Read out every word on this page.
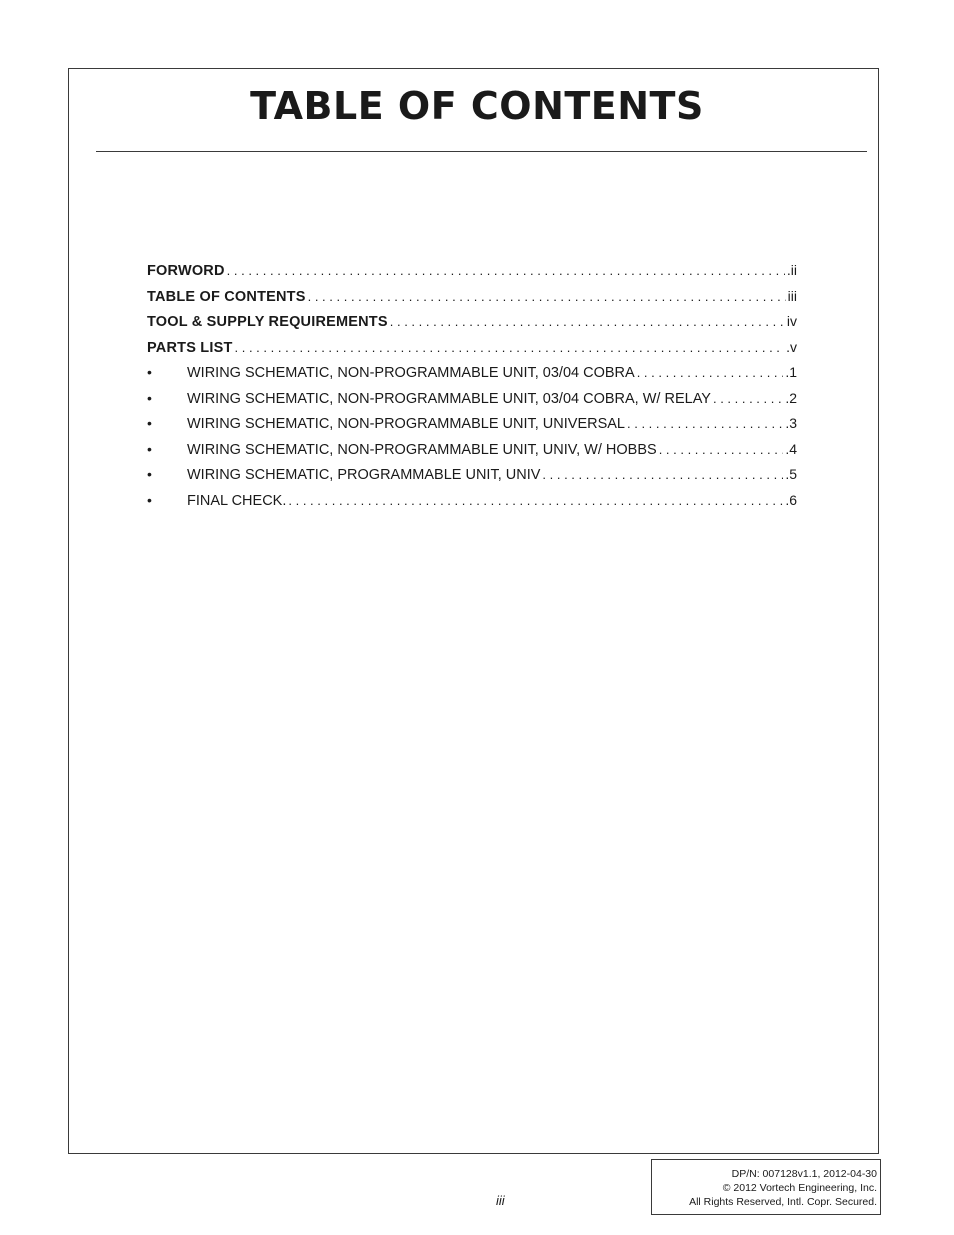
TABLE OF CONTENTS
FORWORD . . .	.ii
TABLE OF CONTENTS . . .	iii
TOOL & SUPPLY REQUIREMENTS . . .	iv
PARTS LIST . . .	.v
•	WIRING SCHEMATIC, NON-PROGRAMMABLE UNIT, 03/04 COBRA . . .	.1
•	WIRING SCHEMATIC, NON-PROGRAMMABLE UNIT, 03/04 COBRA, W/ RELAY . . .	.2
•	WIRING SCHEMATIC, NON-PROGRAMMABLE UNIT, UNIVERSAL . . .	.3
•	WIRING SCHEMATIC, NON-PROGRAMMABLE UNIT, UNIV, W/ HOBBS . . .	.4
•	WIRING SCHEMATIC, PROGRAMMABLE UNIT, UNIV . . .	.5
•	FINAL CHECK. . . .	.6
iii
DP/N: 007128v1.1, 2012-04-30
© 2012 Vortech Engineering, Inc.
All Rights Reserved, Intl. Copr. Secured.
